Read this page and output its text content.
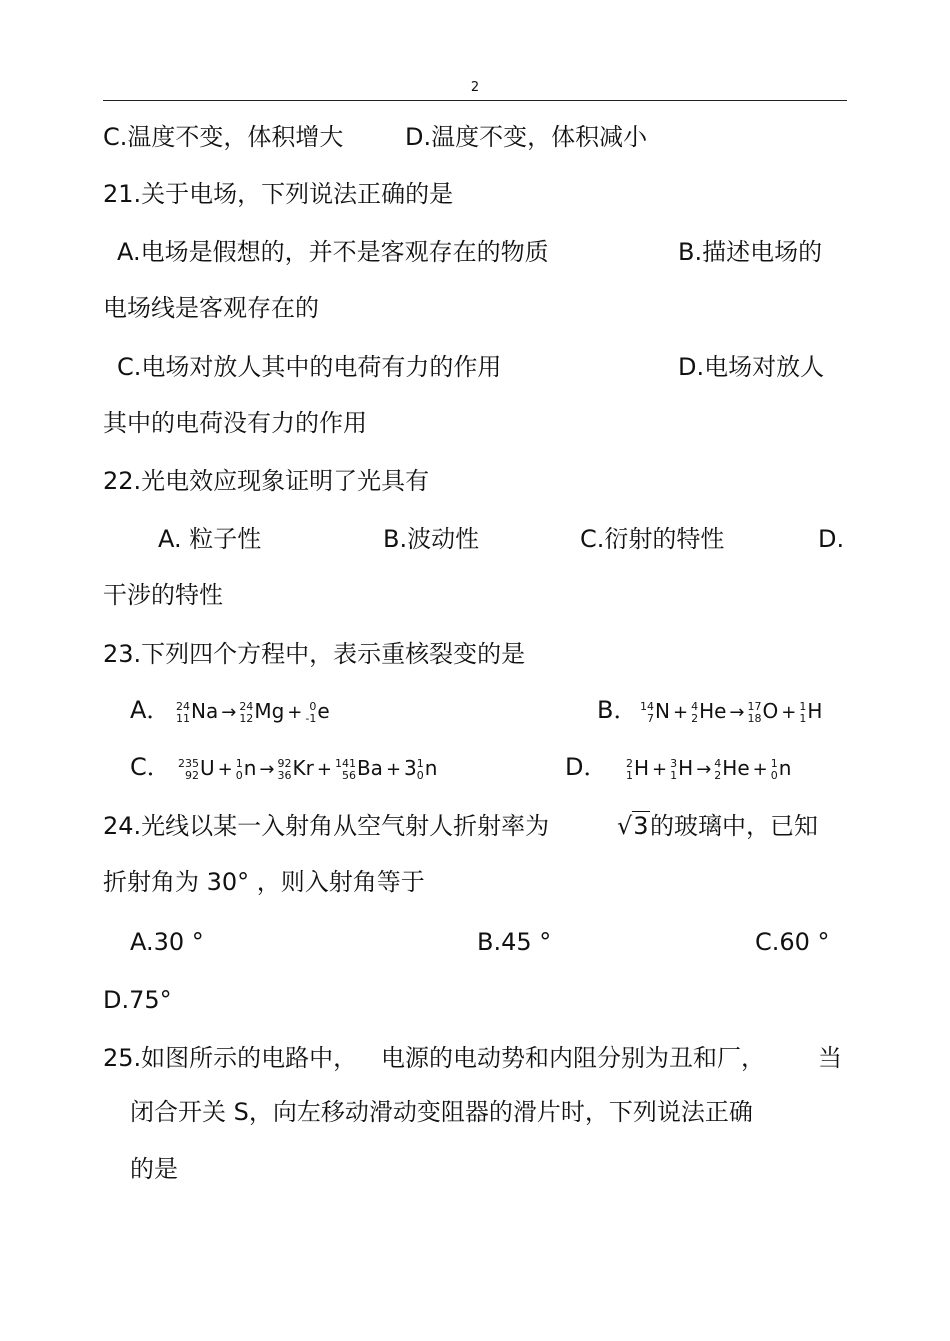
2
C.温度不变，体积增大	D.温度不变，体积减小
21.关于电场，下列说法正确的是
A.电场是假想的，并不是客观存在的物质	B.描述电场的
电场线是客观存在的
C.电场对放人其中的电荷有力的作用	D.电场对放人
其中的电荷没有力的作用
22.光电效应现象证明了光具有
A. 粒子性	B.波动性	C.衍射的特性	D.
干涉的特性
23.下列四个方程中，表示重核裂变的是
A． 24
11 Na → 24
12 Mg + 0
-1 e	B． 14
7 N + 4
2 He → 17
18 O + 1
1 H
C． 235
92 U + 1
0 n → 92
36 Kr + 141
56 Ba + 3 1
0 n	D． 2
1 H + 3
1 H → 4
2 He + 1
0 n
24.光线以某一入射角从空气射人折射率为	√3 的玻璃中，已知
折射角为 30° ，则入射角等于
A.30 °	B.45 °	C.60 °
D.75°
25.如图所示的电路中， 电源的电动势和内阻分别为丑和厂， 当
闭合开关 S，向左移动滑动变阻器的滑片时，下列说法正确
的是
